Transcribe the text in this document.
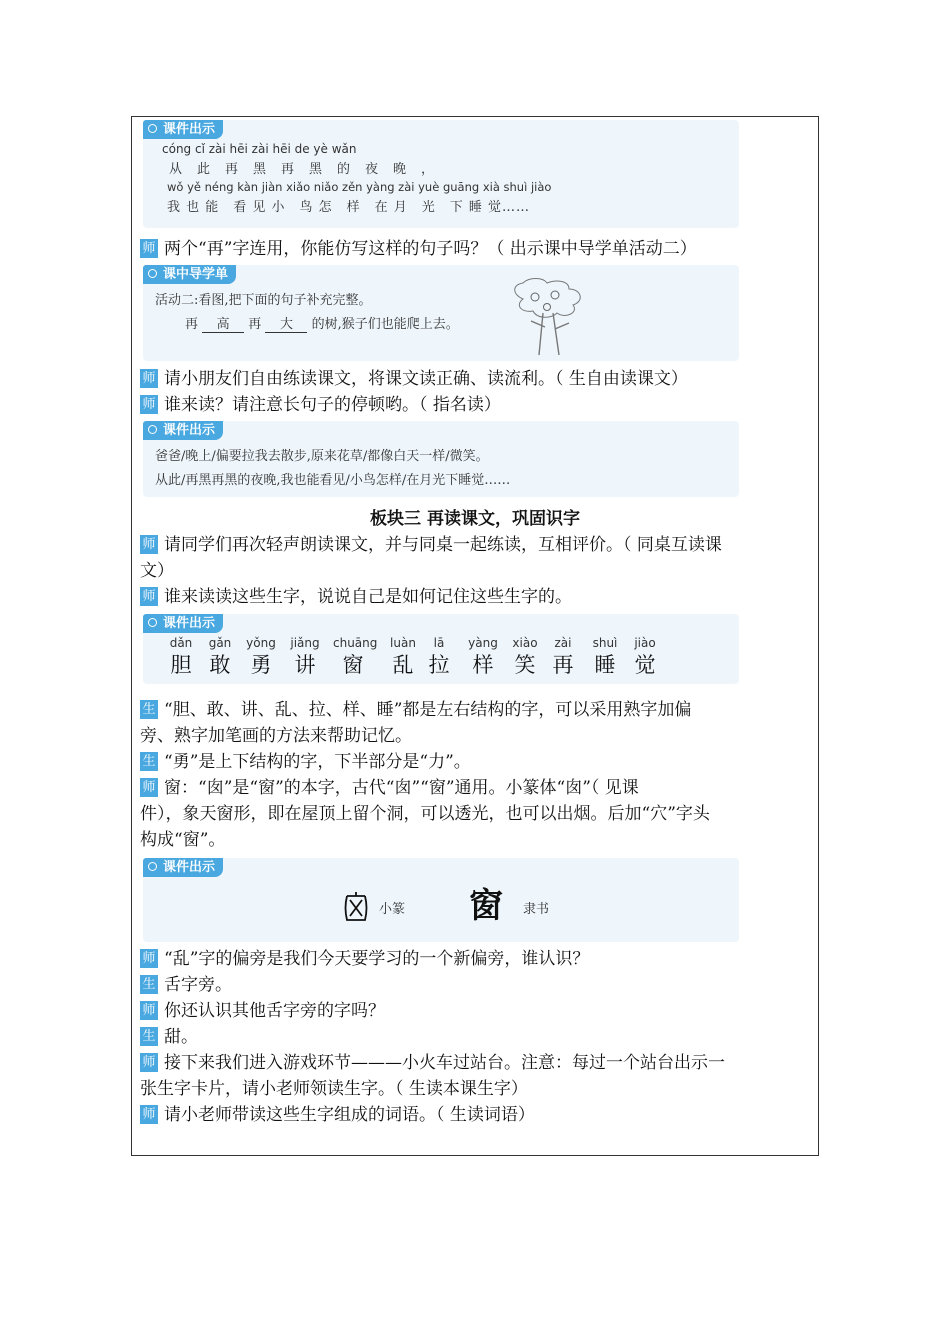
课件出示
cóng cǐ zài hēi zài hēi de yè wǎn
从　此　再　黑　再　黑　的　夜　晚　，
wǒ yě néng kàn jiàn xiǎo niǎo zěn yàng zài yuè guāng xià shuì jiào
我 也 能　看 见 小　鸟 怎　样　在 月　光　下 睡 觉……
师 两个“再”字连用，你能仿写这样的句子吗？（ 出示课中导学单活动二）
课中导学单
活动二:看图,把下面的句子补充完整。
再 高 再 大 的树,猴子们也能爬上去。
师 请小朋友们自由练读课文，将课文读正确、读流利。（ 生自由读课文）
师 谁来读？请注意长句子的停顿哟。（ 指名读）
课件出示
爸爸/晚上/偏要拉我去散步,原来花草/都像白天一样/微笑。
从此/再黑再黑的夜晚,我也能看见/小鸟怎样/在月光下睡觉……
板块三 再读课文，巩固识字
师 请同学们再次轻声朗读课文，并与同桌一起练读，互相评价。（ 同桌互读课
文）
师 谁来读读这些生字，说说自己是如何记住这些生字的。
课件出示
dǎn
胆
gǎn
敢
yǒng
勇
jiǎng
讲
chuāng
窗
luàn
乱
lā
拉
yàng
样
xiào
笑
zài
再
shuì
睡
jiào
觉
生 “胆、敢、讲、乱、拉、样、睡”都是左右结构的字，可以采用熟字加偏
旁、熟字加笔画的方法来帮助记忆。
生 “勇”是上下结构的字，下半部分是“力”。
师 窗：“囱”是“窗”的本字，古代“囱”“窗”通用。小篆体“囱”（ 见课
件），象天窗形，即在屋顶上留个洞，可以透光，也可以出烟。后加“穴”字头
构成“窗”。
课件出示
小篆 窗 隶书
师 “乱”字的偏旁是我们今天要学习的一个新偏旁，谁认识？
生 舌字旁。
师 你还认识其他舌字旁的字吗？
生 甜。
师 接下来我们进入游戏环节———小火车过站台。注意：每过一个站台出示一
张生字卡片，请小老师领读生字。（ 生读本课生字）
师 请小老师带读这些生字组成的词语。（ 生读词语）
